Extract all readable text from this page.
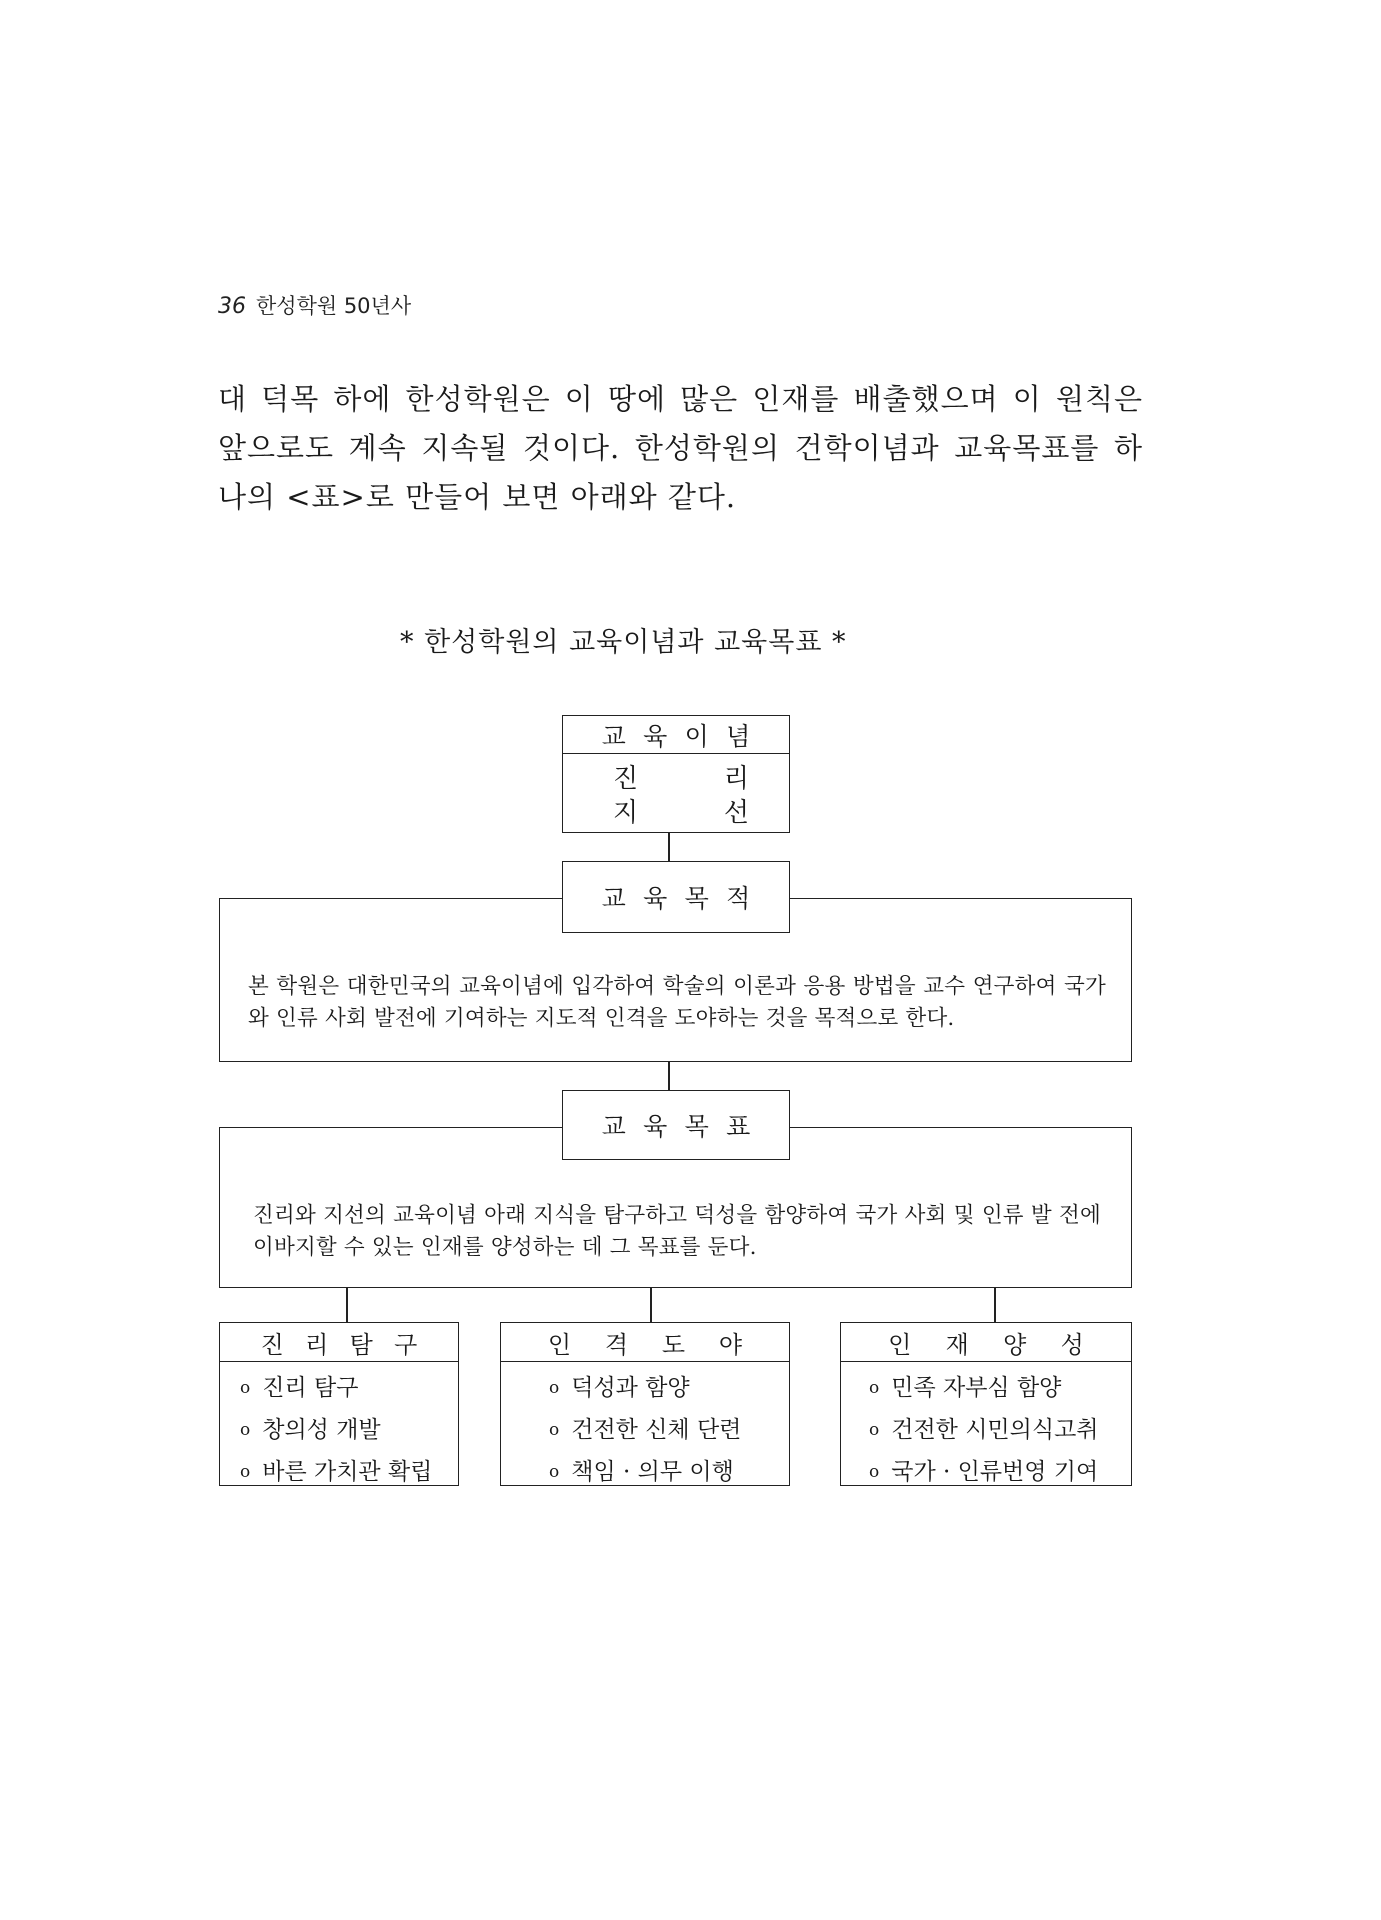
36 한성학원 50년사

대 덕목 하에 한성학원은 이 땅에 많은 인재를 배출했으며 이 원칙은

앞으로도 계속 지속될 것이다. 한성학원의 건학이념과 교육목표를 하

나의 <표>로 만들어 보면 아래와 같다.

* 한성학원의 교육이념과 교육목표 *
교 육 이 념
진	리
지	선
본 학원은 대한민국의 교육이념에 입각하여 학술의 이론과 응용 방법을 교수 연구하여 국가와 인류 사회 발전에 기여하는 지도적 인격을 도야하는 것을 목적으로 한다.
교 육 목 적
진리와 지선의 교육이념 아래 지식을 탐구하고 덕성을 함양하여 국가 사회 및 인류 발 전에 이바지할 수 있는 인재를 양성하는 데 그 목표를 둔다.
교 육 목 표
진 리 탐 구
o 진리 탐구
o 창의성 개발
o 바른 가치관 확립
인 격 도 야
o 덕성과 함양
o 건전한 신체 단련
o 책임 · 의무 이행
인 재 양 성
o 민족 자부심 함양
o 건전한 시민의식고취
o 국가 · 인류번영 기여
